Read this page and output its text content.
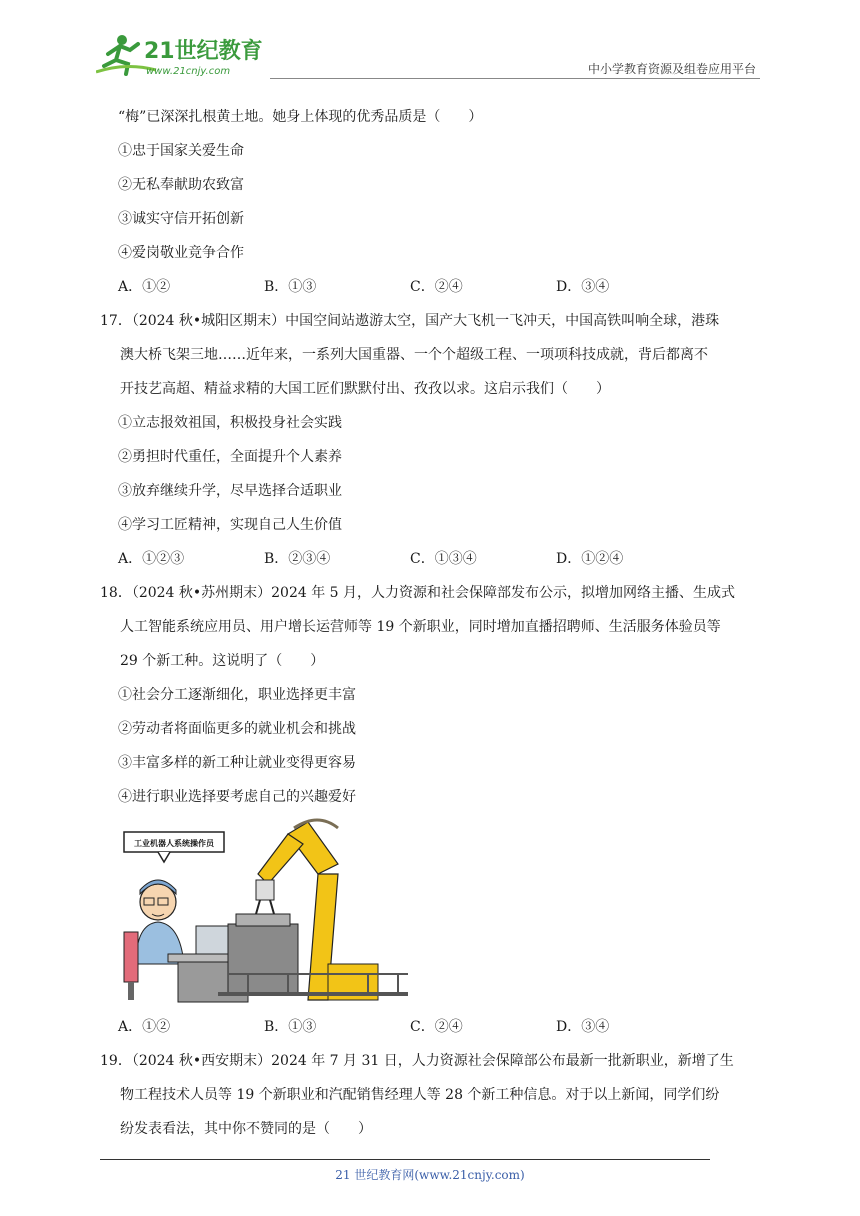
21世纪教育
www.21cnjy.com	中小学教育资源及组卷应用平台
“梅”已深深扎根黄土地。她身上体现的优秀品质是（　　）
①忠于国家关爱生命
②无私奉献助农致富
③诚实守信开拓创新
④爱岗敬业竞争合作
A．①②	B．①③	C．②④	D．③④
17．（2024 秋•城阳区期末）中国空间站遨游太空，国产大飞机一飞冲天，中国高铁叫响全球，港珠
澳大桥飞架三地……近年来，一系列大国重器、一个个超级工程、一项项科技成就，背后都离不
开技艺高超、精益求精的大国工匠们默默付出、孜孜以求。这启示我们（　　）
①立志报效祖国，积极投身社会实践
②勇担时代重任，全面提升个人素养
③放弃继续升学，尽早选择合适职业
④学习工匠精神，实现自己人生价值
A．①②③	B．②③④	C．①③④	D．①②④
18．（2024 秋•苏州期末）2024 年 5 月，人力资源和社会保障部发布公示，拟增加网络主播、生成式
人工智能系统应用员、用户增长运营师等 19 个新职业，同时增加直播招聘师、生活服务体验员等
29 个新工种。这说明了（　　）
①社会分工逐渐细化，职业选择更丰富
②劳动者将面临更多的就业机会和挑战
③丰富多样的新工种让就业变得更容易
④进行职业选择要考虑自己的兴趣爱好
工业机器人系统操作员
A．①②	B．①③	C．②④	D．③④
19．（2024 秋•西安期末）2024 年 7 月 31 日，人力资源社会保障部公布最新一批新职业，新增了生
物工程技术人员等 19 个新职业和汽配销售经理人等 28 个新工种信息。对于以上新闻，同学们纷
纷发表看法，其中你不赞同的是（　　）
21 世纪教育网(www.21cnjy.com)
